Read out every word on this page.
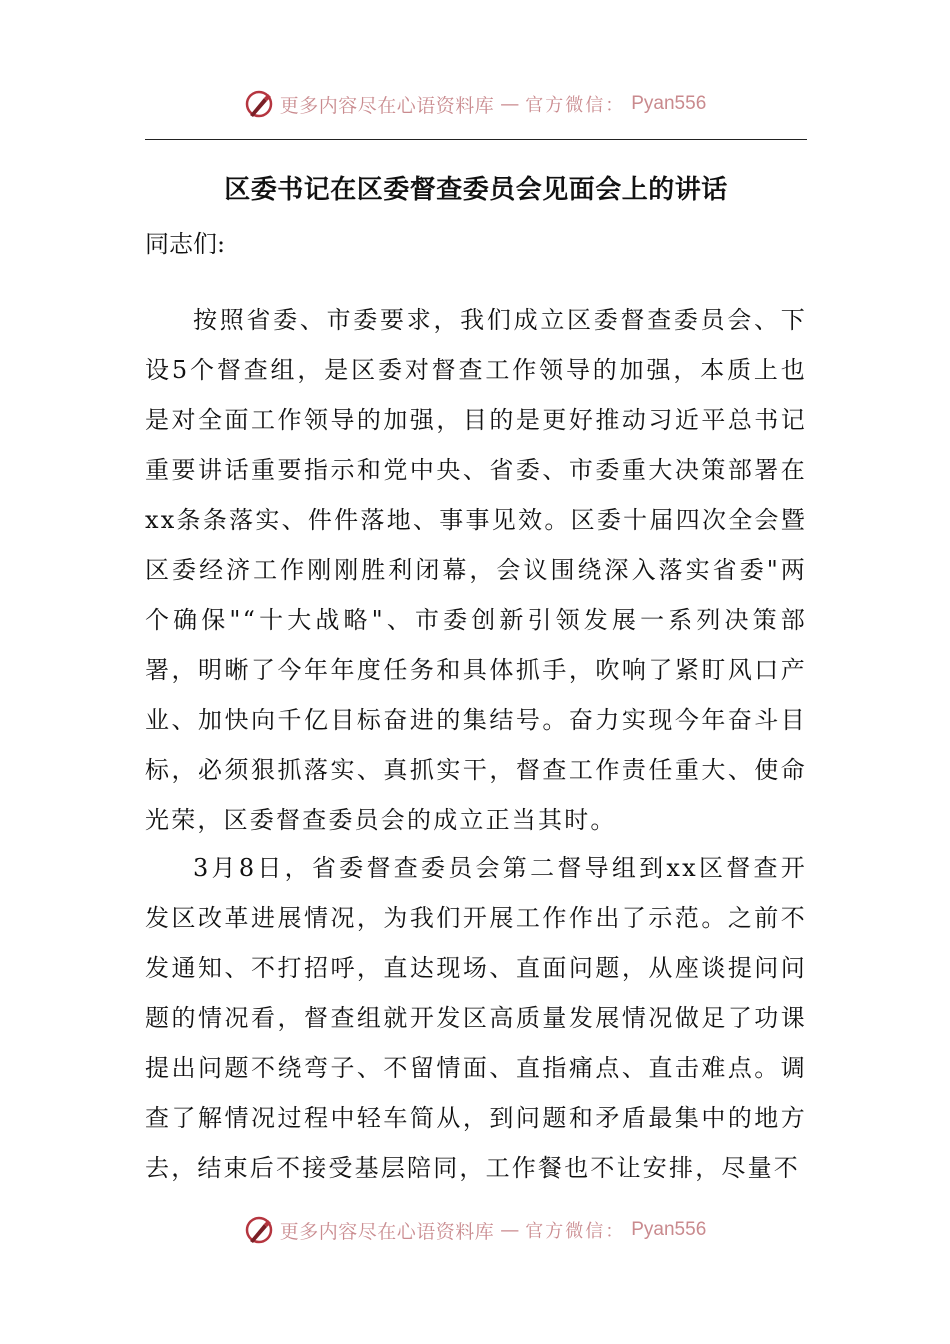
更多内容尽在心语资料库 — 官方微信： Pyan556
区委书记在区委督查委员会见面会上的讲话
同志们:

按照省委、市委要求，我们成立区委督查委员会、下设5个督查组，是区委对督查工作领导的加强，本质上也是对全面工作领导的加强，目的是更好推动习近平总书记重要讲话重要指示和党中央、省委、市委重大决策部署在xx条条落实、件件落地、事事见效。区委十届四次全会暨区委经济工作刚刚胜利闭幕，会议围绕深入落实省委"两个确保"“十大战略"、市委创新引领发展一系列决策部署，明晰了今年年度任务和具体抓手，吹响了紧盯风口产业、加快向千亿目标奋进的集结号。奋力实现今年奋斗目标，必须狠抓落实、真抓实干，督查工作责任重大、使命光荣，区委督查委员会的成立正当其时。

3月8日，省委督查委员会第二督导组到xx区督查开发区改革进展情况，为我们开展工作作出了示范。之前不发通知、不打招呼，直达现场、直面问题，从座谈提问问题的情况看，督查组就开发区高质量发展情况做足了功课提出问题不绕弯子、不留情面、直指痛点、直击难点。调查了解情况过程中轻车简从，到问题和矛盾最集中的地方去，结束后不接受基层陪同，工作餐也不让安排，尽量不

更多内容尽在心语资料库 — 官方微信： Pyan556
